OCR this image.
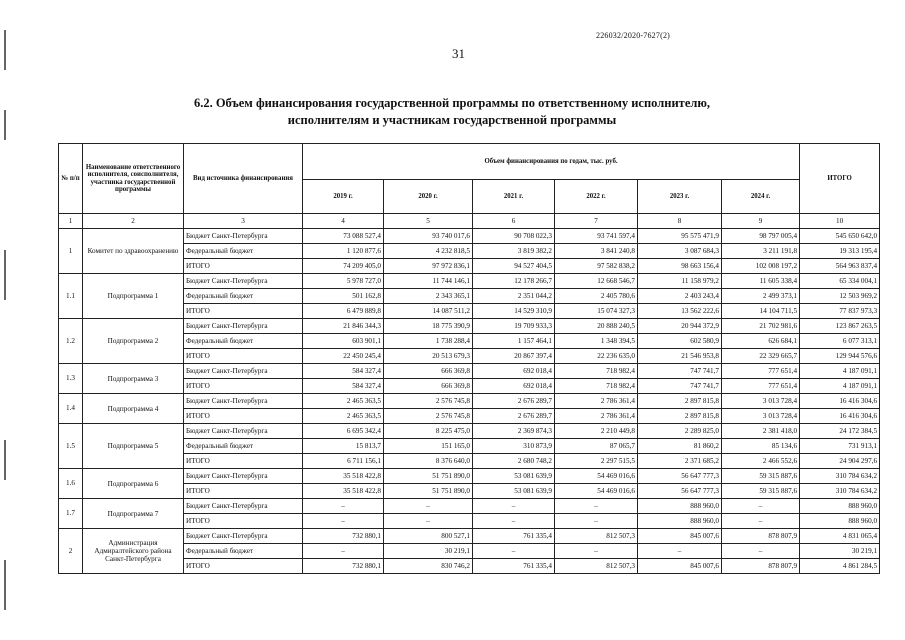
226032/2020-7627(2)
31
6.2. Объем финансирования государственной программы по ответственному исполнителю,
исполнителям и участникам государственной программы
№ п/п	Наименование ответственного исполнителя, соисполнителя, участника государственной программы	Вид источника финансирования	Объем финансирования по годам, тыс. руб.						ИТОГО
			2019 г.	2020 г.	2021 г.	2022 г.	2023 г.	2024 г.	
1	2	3	4	5	6	7	8	9	10
1	Комитет по здравоохранению	Бюджет Санкт-Петербурга	73 088 527,4	93 740 017,6	90 708 022,3	93 741 597,4	95 575 471,9	98 797 005,4	545 650 642,0
		Федеральный бюджет	1 120 877,6	4 232 818,5	3 819 382,2	3 841 240,8	3 087 684,3	3 211 191,8	19 313 195,4
		ИТОГО	74 209 405,0	97 972 836,1	94 527 404,5	97 582 838,2	98 663 156,4	102 008 197,2	564 963 837,4
1.1	Подпрограмма 1	Бюджет Санкт-Петербурга	5 978 727,0	11 744 146,1	12 178 266,7	12 668 546,7	11 158 979,2	11 605 338,4	65 334 004,1
		Федеральный бюджет	501 162,8	2 343 365,1	2 351 044,2	2 405 780,6	2 403 243,4	2 499 373,1	12 503 969,2
		ИТОГО	6 479 889,8	14 087 511,2	14 529 310,9	15 074 327,3	13 562 222,6	14 104 711,5	77 837 973,3
1.2	Подпрограмма 2	Бюджет Санкт-Петербурга	21 846 344,3	18 775 390,9	19 709 933,3	20 888 240,5	20 944 372,9	21 702 981,6	123 867 263,5
		Федеральный бюджет	603 901,1	1 738 288,4	1 157 464,1	1 348 394,5	602 580,9	626 684,1	6 077 313,1
		ИТОГО	22 450 245,4	20 513 679,3	20 867 397,4	22 236 635,0	21 546 953,8	22 329 665,7	129 944 576,6
1.3	Подпрограмма 3	Бюджет Санкт-Петербурга	584 327,4	666 369,8	692 018,4	718 982,4	747 741,7	777 651,4	4 187 091,1
		ИТОГО	584 327,4	666 369,8	692 018,4	718 982,4	747 741,7	777 651,4	4 187 091,1
1.4	Подпрограмма 4	Бюджет Санкт-Петербурга	2 465 363,5	2 576 745,8	2 676 289,7	2 786 361,4	2 897 815,8	3 013 728,4	16 416 304,6
		ИТОГО	2 465 363,5	2 576 745,8	2 676 289,7	2 786 361,4	2 897 815,8	3 013 728,4	16 416 304,6
1.5	Подпрограмма 5	Бюджет Санкт-Петербурга	6 695 342,4	8 225 475,0	2 369 874,3	2 210 449,8	2 289 825,0	2 381 418,0	24 172 384,5
		Федеральный бюджет	15 813,7	151 165,0	310 873,9	87 065,7	81 860,2	85 134,6	731 913,1
		ИТОГО	6 711 156,1	8 376 640,0	2 680 748,2	2 297 515,5	2 371 685,2	2 466 552,6	24 904 297,6
1.6	Подпрограмма 6	Бюджет Санкт-Петербурга	35 518 422,8	51 751 890,0	53 081 639,9	54 469 016,6	56 647 777,3	59 315 887,6	310 784 634,2
		ИТОГО	35 518 422,8	51 751 890,0	53 081 639,9	54 469 016,6	56 647 777,3	59 315 887,6	310 784 634,2
1.7	Подпрограмма 7	Бюджет Санкт-Петербурга	–	–	–	–	888 960,0	–	888 960,0
		ИТОГО	–	–	–	–	888 960,0	–	888 960,0
2	Администрация Адмиралтейского района Санкт-Петербурга	Бюджет Санкт-Петербурга	732 880,1	800 527,1	761 335,4	812 507,3	845 007,6	878 807,9	4 831 065,4
		Федеральный бюджет	–	30 219,1	–	–	–	–	30 219,1
		ИТОГО	732 880,1	830 746,2	761 335,4	812 507,3	845 007,6	878 807,9	4 861 284,5
